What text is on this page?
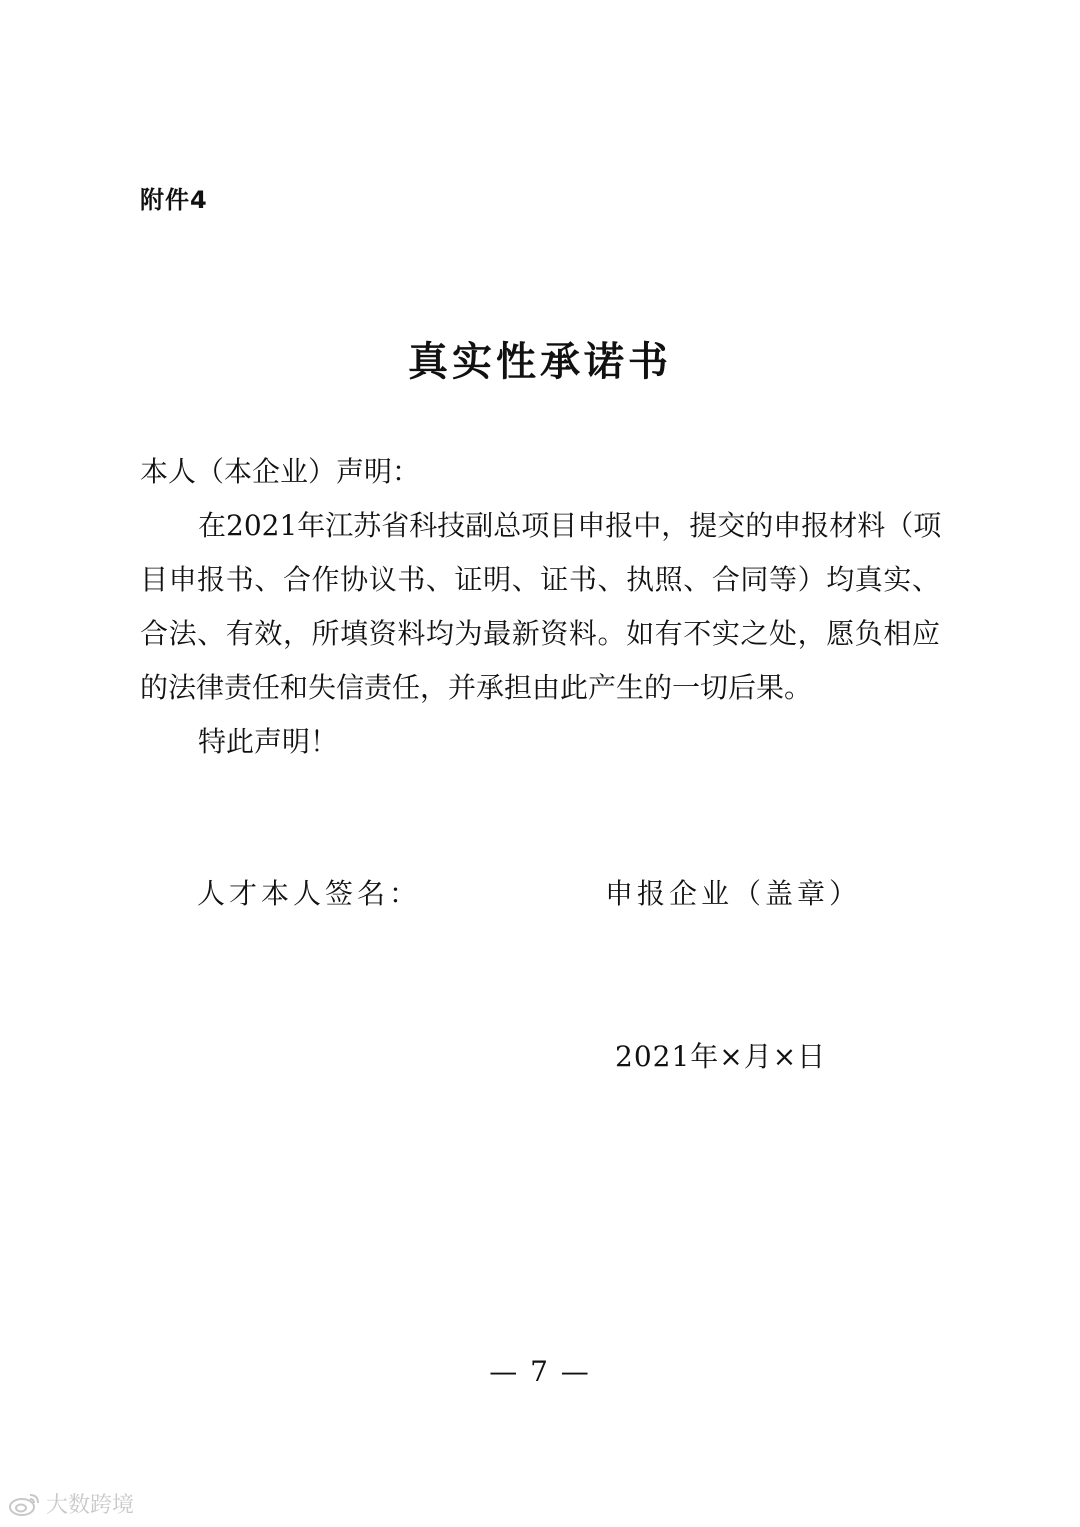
附件4
真实性承诺书

本人（本企业）声明：

在2021年江苏省科技副总项目申报中，提交的申报材料（项

目申报书、合作协议书、证明、证书、执照、合同等）均真实、

合法、有效，所填资料均为最新资料。如有不实之处，愿负相应

的法律责任和失信责任，并承担由此产生的一切后果。

特此声明！

人才本人签名：	申报企业（盖章）
2021年×月×日
— 7 —
大数跨境
